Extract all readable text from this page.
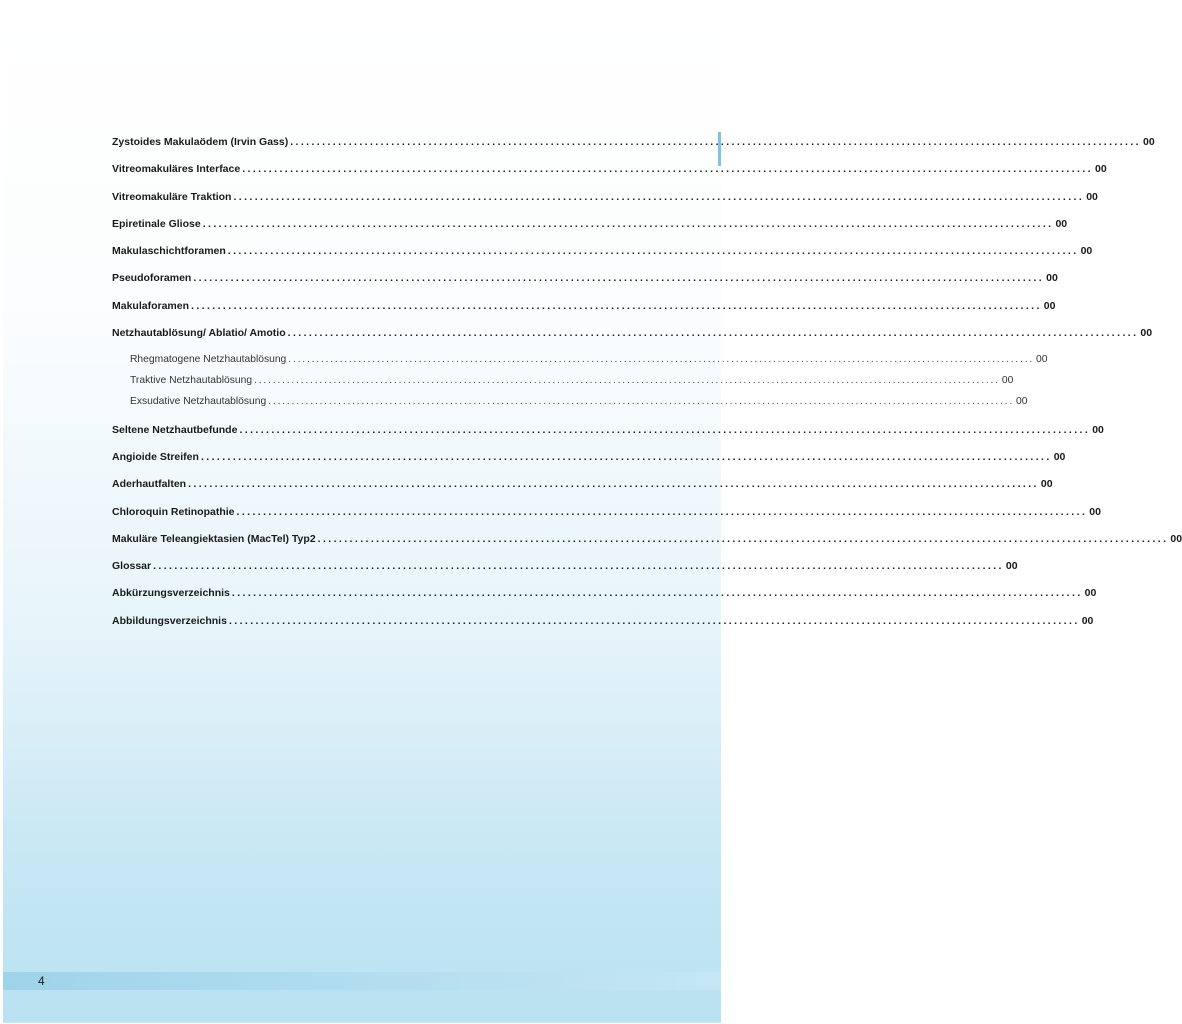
Zystoides Makulaödem (Irvin Gass) ................................................................................................................................................................ 00
Vitreomakuläres Interface ................................................................................................................................................................ 00
Vitreomakuläre Traktion ................................................................................................................................................................ 00
Epiretinale Gliose ................................................................................................................................................................ 00
Makulaschichtforamen ................................................................................................................................................................ 00
Pseudoforamen ................................................................................................................................................................ 00
Makulaforamen ................................................................................................................................................................ 00
Netzhautablösung/ Ablatio/ Amotio ................................................................................................................................................................ 00
Rhegmatogene Netzhautablösung ................................................................................................................................................................ 00
Traktive Netzhautablösung ................................................................................................................................................................ 00
Exsudative Netzhautablösung ................................................................................................................................................................ 00
Seltene Netzhautbefunde ................................................................................................................................................................ 00
Angioide Streifen ................................................................................................................................................................ 00
Aderhautfalten ................................................................................................................................................................ 00
Chloroquin Retinopathie ................................................................................................................................................................ 00
Makuläre Teleangiektasien (MacTel) Typ2 ................................................................................................................................................................ 00
Glossar ................................................................................................................................................................ 00
Abkürzungsverzeichnis ................................................................................................................................................................ 00
Abbildungsverzeichnis ................................................................................................................................................................ 00
4
